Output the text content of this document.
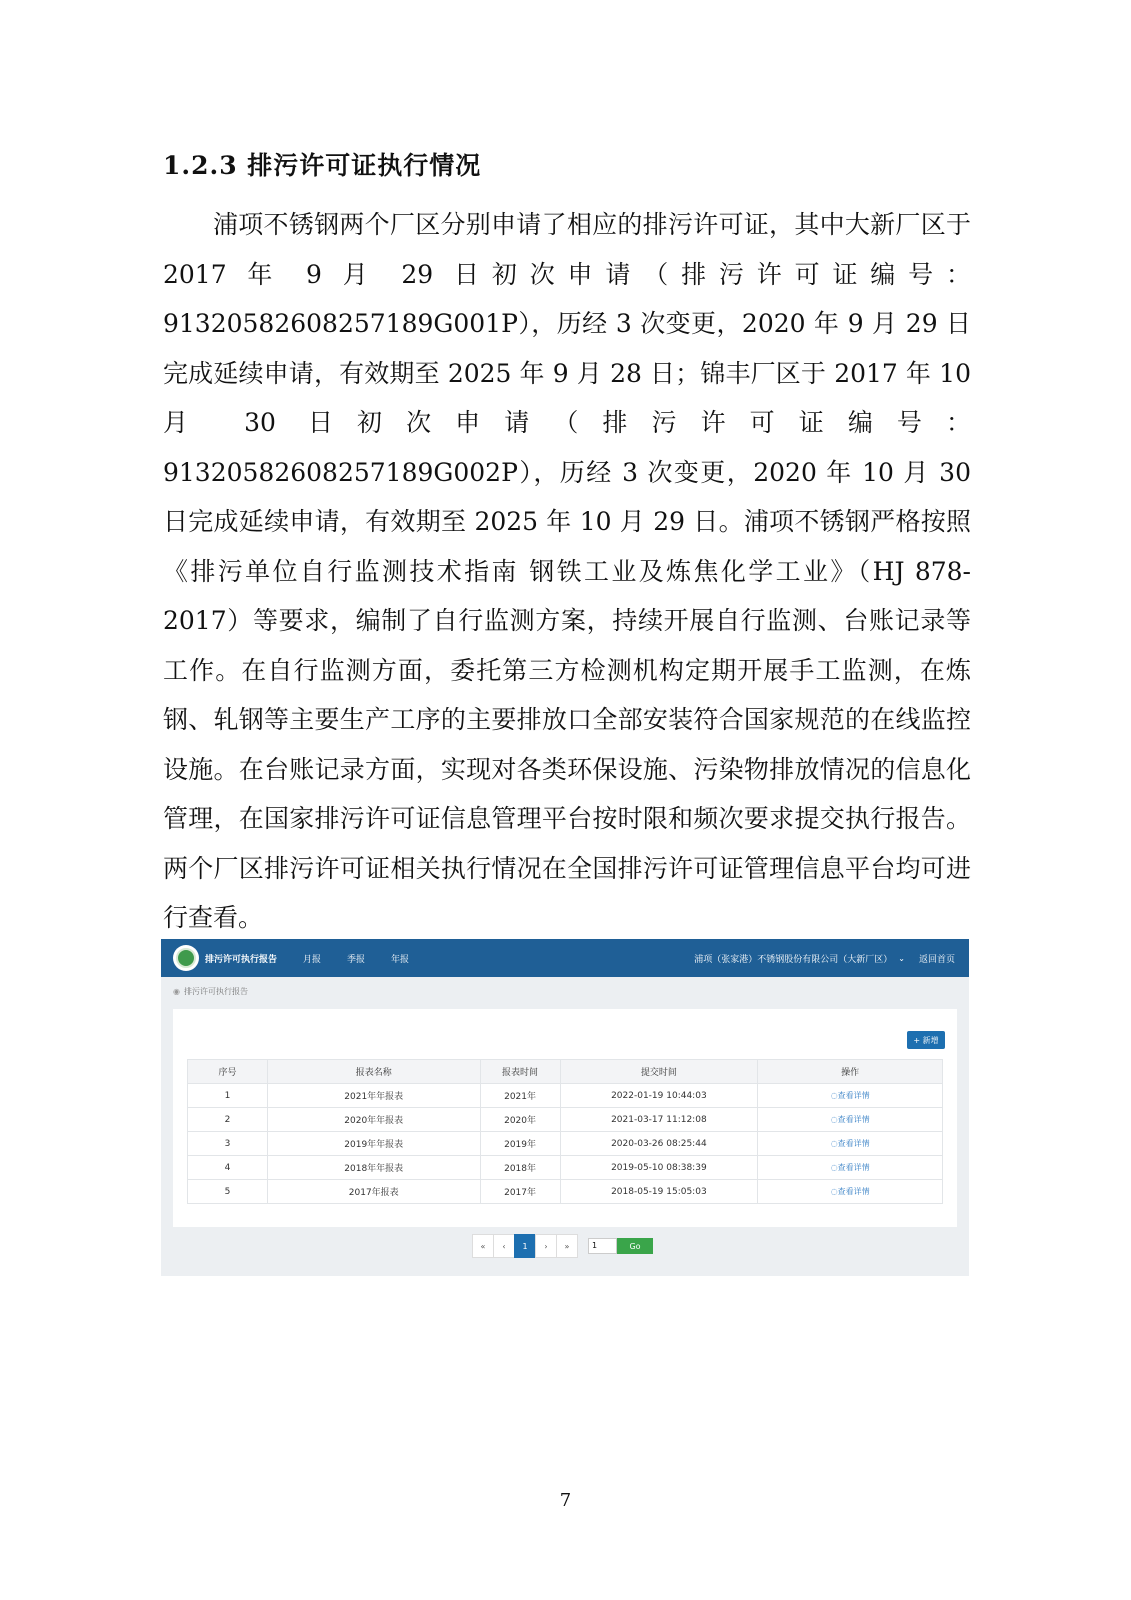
1.2.3 排污许可证执行情况
浦项不锈钢两个厂区分别申请了相应的排污许可证，其中大新厂区于 2017 年 9 月 29 日初次申请（排污许可证编号：91320582608257189G001P），历经 3 次变更，2020 年 9 月 29 日完成延续申请，有效期至 2025 年 9 月 28 日；锦丰厂区于 2017 年 10 月 30 日初次申请（排污许可证编号：91320582608257189G002P），历经 3 次变更，2020 年 10 月 30 日完成延续申请，有效期至 2025 年 10 月 29 日。浦项不锈钢严格按照《排污单位自行监测技术指南 钢铁工业及炼焦化学工业》（HJ 878-2017）等要求，编制了自行监测方案，持续开展自行监测、台账记录等工作。在自行监测方面，委托第三方检测机构定期开展手工监测，在炼钢、轧钢等主要生产工序的主要排放口全部安装符合国家规范的在线监控设施。在台账记录方面，实现对各类环保设施、污染物排放情况的信息化管理，在国家排污许可证信息管理平台按时限和频次要求提交执行报告。两个厂区排污许可证相关执行情况在全国排污许可证管理信息平台均可进行查看。
排污许可执行报告	月报	季报	年报	浦项（张家港）不锈钢股份有限公司（大新厂区） ⌄ 返回首页
◉ 排污许可执行报告
+ 新增
序号	报表名称	报表时间	提交时间	操作
1	2021年年报表	2021年	2022-01-19 10:44:03	◌查看详情
2	2020年年报表	2020年	2021-03-17 11:12:08	◌查看详情
3	2019年年报表	2019年	2020-03-26 08:25:44	◌查看详情
4	2018年年报表	2018年	2019-05-10 08:38:39	◌查看详情
5	2017年报表	2017年	2018-05-19 15:05:03	◌查看详情
«	‹	1	›	»	1	Go
7
